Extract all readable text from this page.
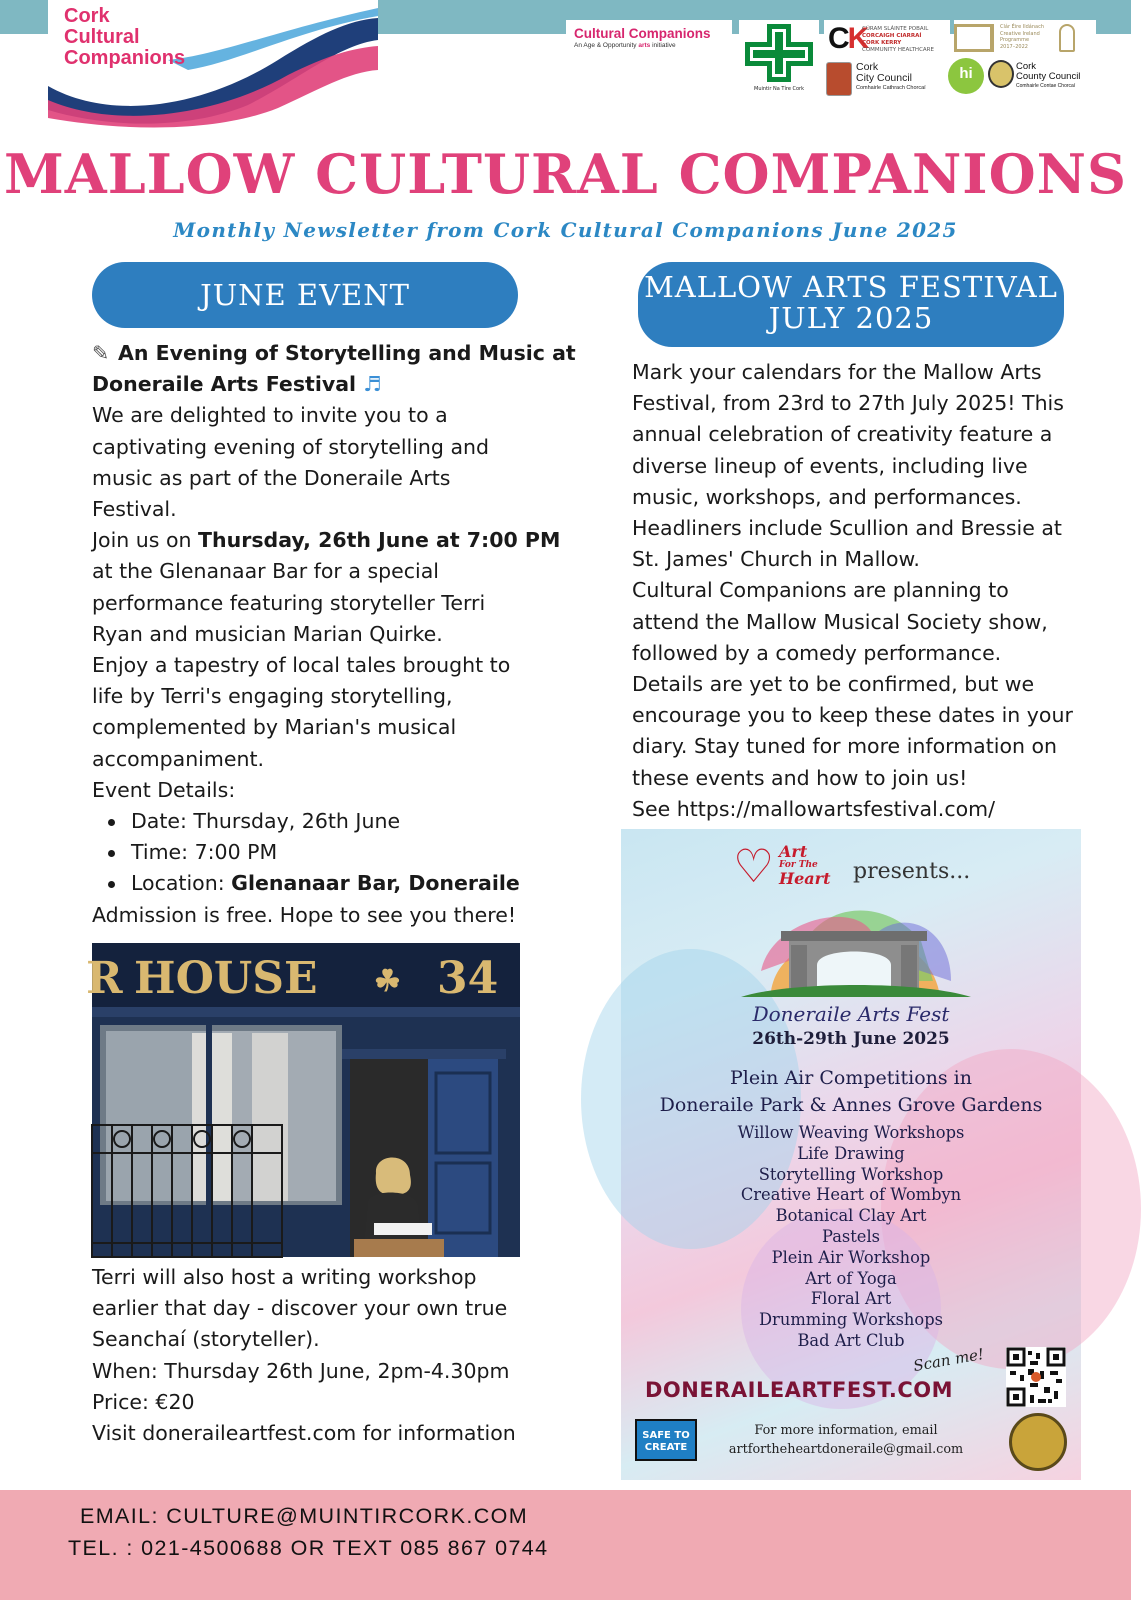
Cork
Cultural
Companions
Cultural Companions
An Age & Opportunity arts initiative
Muintir Na Tíre Cork
CK
CÚRAM SLÁINTE POBAIL
CORCAIGH CIARRAÍ
CORK KERRY
COMMUNITY HEALTHCARE
Cork
City Council
Comhairle Cathrach Chorcaí
Clár Éire Ildánach
Creative Ireland
Programme
2017–2022
hi	Cork
County Council
Comhairle Contae Chorcaí
MALLOW CULTURAL COMPANIONS
Monthly Newsletter from Cork Cultural Companions June 2025
JUNE EVENT	MALLOW ARTS FESTIVAL
JULY 2025
✎ An Evening of Storytelling and Music at
Doneraile Arts Festival ♬
We are delighted to invite you to a
captivating evening of storytelling and
music as part of the Doneraile Arts
Festival.
Join us on Thursday, 26th June at 7:00 PM
at the Glenanaar Bar for a special
performance featuring storyteller Terri
Ryan and musician Marian Quirke.
Enjoy a tapestry of local tales brought to
life by Terri's engaging storytelling,
complemented by Marian's musical
accompaniment.
Event Details:
Date: Thursday, 26th June
Time: 7:00 PM
Location: Glenanaar Bar, Doneraile
Admission is free. Hope to see you there!
R HOUSE ☘ 34
Terri will also host a writing workshop
earlier that day - discover your own true
Seanchaí (storyteller).
When: Thursday 26th June, 2pm-4.30pm
Price: €20
Visit doneraileartfest.com for information
Mark your calendars for the Mallow Arts
Festival, from 23rd to 27th July 2025! This
annual celebration of creativity feature a
diverse lineup of events, including live
music, workshops, and performances.
Headliners include Scullion and Bressie at
St. James' Church in Mallow.
Cultural Companions are planning to
attend the Mallow Musical Society show,
followed by a comedy performance.
Details are yet to be confirmed, but we
encourage you to keep these dates in your
diary. Stay tuned for more information on
these events and how to join us!
See https://mallowartsfestival.com/
♡ Art
For The
Heart presents...
Doneraile Arts Fest
26th-29th June 2025
Plein Air Competitions in
Doneraile Park & Annes Grove Gardens
Willow Weaving Workshops
Life Drawing
Storytelling Workshop
Creative Heart of Wombyn
Botanical Clay Art
Pastels
Plein Air Workshop
Art of Yoga
Floral Art
Drumming Workshops
Bad Art Club
Scan me!
DONERAILEARTFEST.COM
SAFE TO
CREATE
For more information, email
artfortheheartdoneraile@gmail.com
EMAIL: CULTURE@MUINTIRCORK.COM
TEL. : 021-4500688 OR TEXT 085 867 0744
